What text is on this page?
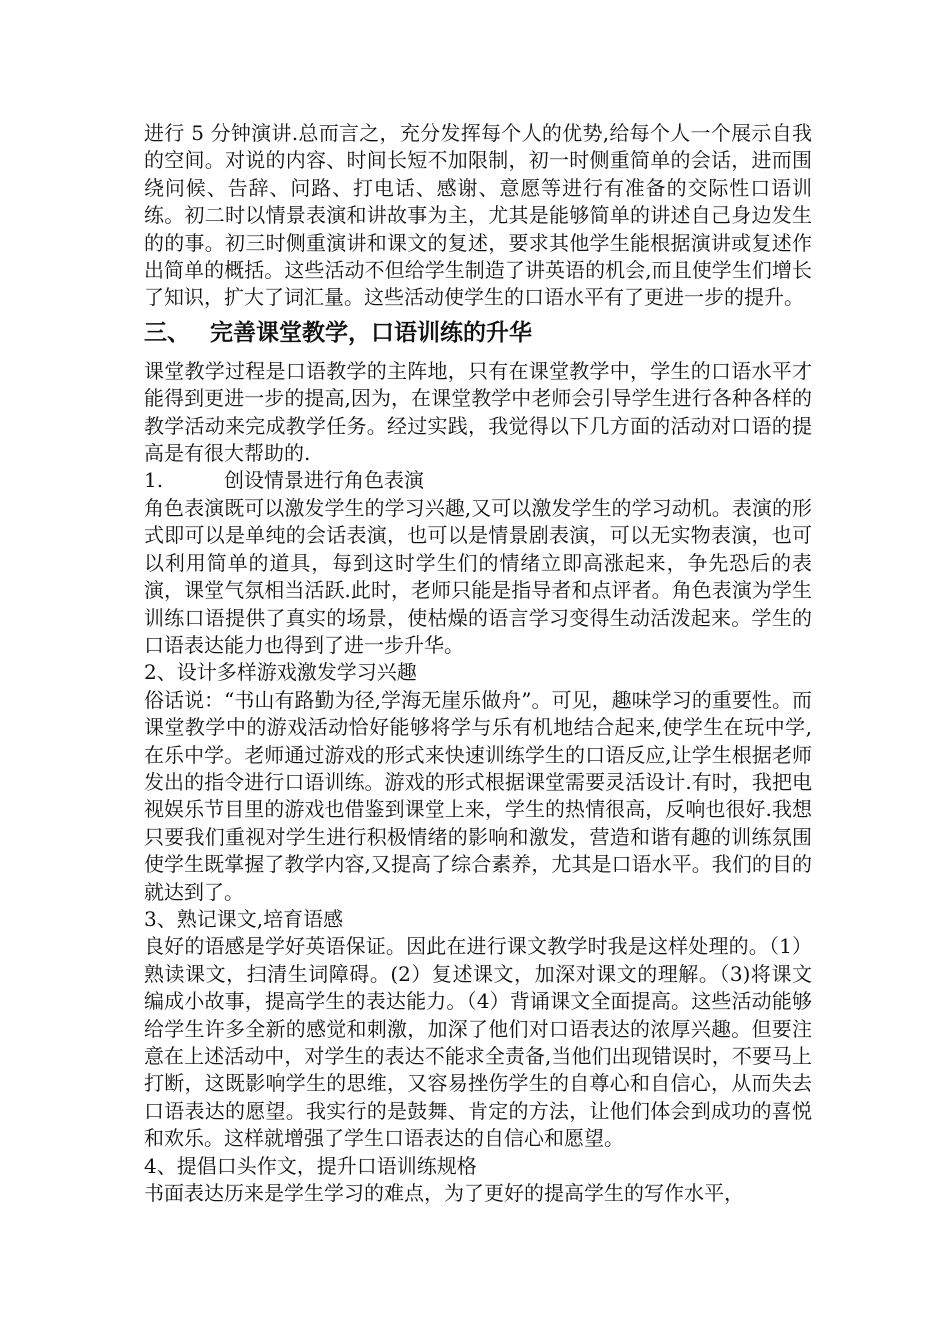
进行 5 分钟演讲.总而言之，充分发挥每个人的优势,给每个人一个展示自我的空间。对说的内容、时间长短不加限制，初一时侧重简单的会话，进而围绕问候、告辞、问路、打电话、感谢、意愿等进行有准备的交际性口语训练。初二时以情景表演和讲故事为主，尤其是能够简单的讲述自己身边发生的的事。初三时侧重演讲和课文的复述，要求其他学生能根据演讲或复述作出简单的概括。这些活动不但给学生制造了讲英语的机会,而且使学生们增长了知识，扩大了词汇量。这些活动使学生的口语水平有了更进一步的提升。

三、 完善课堂教学，口语训练的升华

课堂教学过程是口语教学的主阵地，只有在课堂教学中，学生的口语水平才能得到更进一步的提高,因为，在课堂教学中老师会引导学生进行各种各样的教学活动来完成教学任务。经过实践，我觉得以下几方面的活动对口语的提高是有很大帮助的.

1.	创设情景进行角色表演

角色表演既可以激发学生的学习兴趣,又可以激发学生的学习动机。表演的形式即可以是单纯的会话表演，也可以是情景剧表演，可以无实物表演，也可以利用简单的道具，每到这时学生们的情绪立即高涨起来，争先恐后的表演，课堂气氛相当活跃.此时，老师只能是指导者和点评者。角色表演为学生训练口语提供了真实的场景，使枯燥的语言学习变得生动活泼起来。学生的口语表达能力也得到了进一步升华。

2、设计多样游戏激发学习兴趣

俗话说：“书山有路勤为径,学海无崖乐做舟”。可见，趣味学习的重要性。而课堂教学中的游戏活动恰好能够将学与乐有机地结合起来,使学生在玩中学,在乐中学。老师通过游戏的形式来快速训练学生的口语反应,让学生根据老师发出的指令进行口语训练。游戏的形式根据课堂需要灵活设计.有时，我把电视娱乐节目里的游戏也借鉴到课堂上来，学生的热情很高，反响也很好.我想只要我们重视对学生进行积极情绪的影响和激发，营造和谐有趣的训练氛围使学生既掌握了教学内容,又提高了综合素养，尤其是口语水平。我们的目的就达到了。

3、熟记课文,培育语感

良好的语感是学好英语保证。因此在进行课文教学时我是这样处理的。（1）熟读课文，扫清生词障碍。(2）复述课文，加深对课文的理解。（3)将课文编成小故事，提高学生的表达能力。（4）背诵课文全面提高。这些活动能够给学生许多全新的感觉和刺激，加深了他们对口语表达的浓厚兴趣。但要注意在上述活动中，对学生的表达不能求全责备,当他们出现错误时，不要马上打断，这既影响学生的思维，又容易挫伤学生的自尊心和自信心，从而失去口语表达的愿望。我实行的是鼓舞、肯定的方法，让他们体会到成功的喜悦和欢乐。这样就增强了学生口语表达的自信心和愿望。

4、提倡口头作文，提升口语训练规格

书面表达历来是学生学习的难点，为了更好的提高学生的写作水平，
